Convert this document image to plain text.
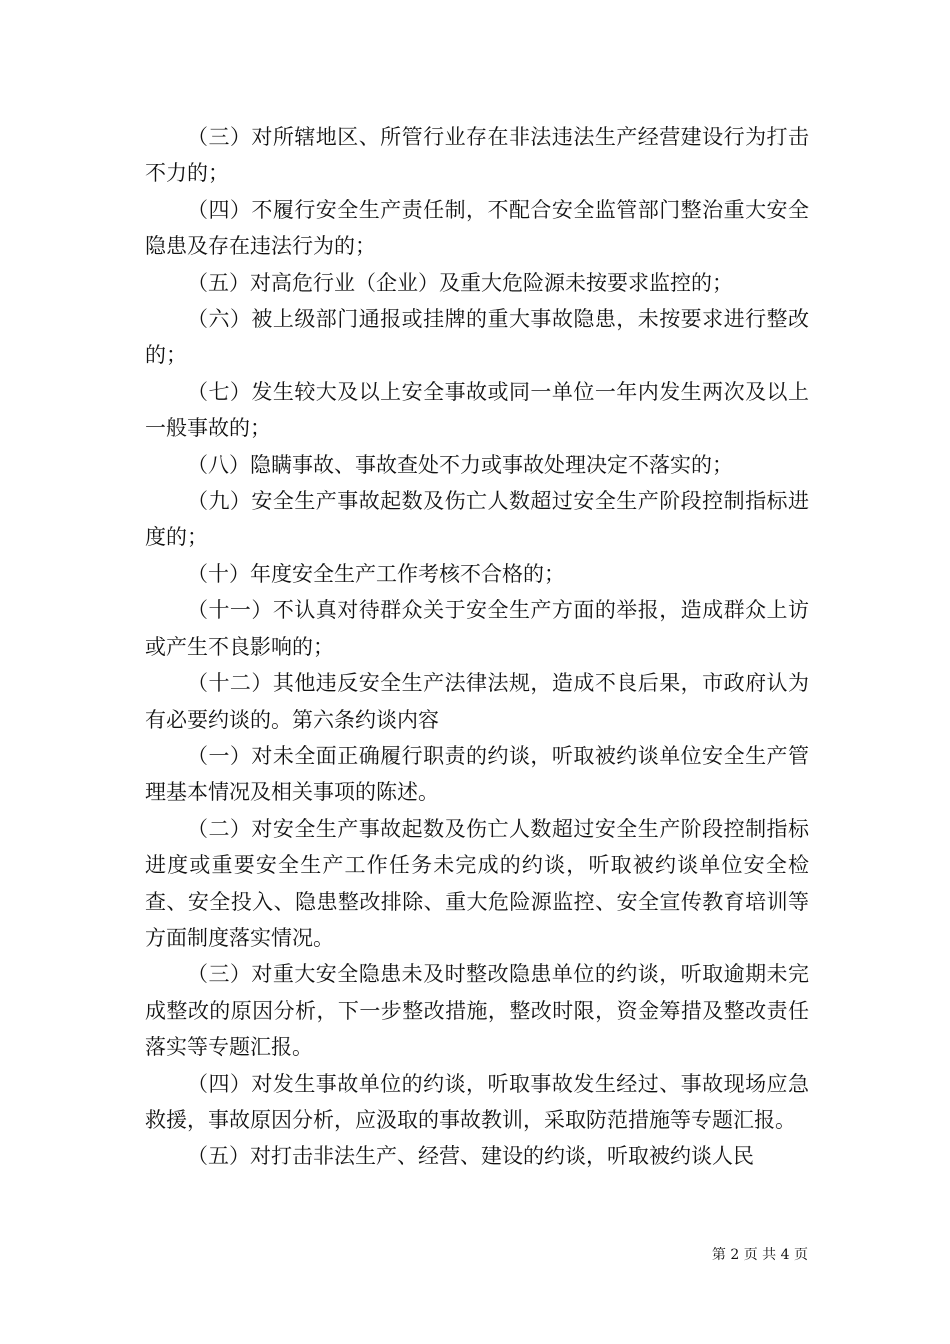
（三）对所辖地区、所管行业存在非法违法生产经营建设行为打击不力的；

（四）不履行安全生产责任制，不配合安全监管部门整治重大安全隐患及存在违法行为的；

（五）对高危行业（企业）及重大危险源未按要求监控的；

（六）被上级部门通报或挂牌的重大事故隐患，未按要求进行整改的；

（七）发生较大及以上安全事故或同一单位一年内发生两次及以上一般事故的；

（八）隐瞒事故、事故查处不力或事故处理决定不落实的；

（九）安全生产事故起数及伤亡人数超过安全生产阶段控制指标进度的；

（十）年度安全生产工作考核不合格的；

（十一）不认真对待群众关于安全生产方面的举报，造成群众上访或产生不良影响的；

（十二）其他违反安全生产法律法规，造成不良后果，市政府认为有必要约谈的。第六条约谈内容

（一）对未全面正确履行职责的约谈，听取被约谈单位安全生产管理基本情况及相关事项的陈述。

（二）对安全生产事故起数及伤亡人数超过安全生产阶段控制指标进度或重要安全生产工作任务未完成的约谈，听取被约谈单位安全检查、安全投入、隐患整改排除、重大危险源监控、安全宣传教育培训等方面制度落实情况。

（三）对重大安全隐患未及时整改隐患单位的约谈，听取逾期未完成整改的原因分析，下一步整改措施，整改时限，资金筹措及整改责任落实等专题汇报。

（四）对发生事故单位的约谈，听取事故发生经过、事故现场应急救援，事故原因分析，应汲取的事故教训，采取防范措施等专题汇报。

（五）对打击非法生产、经营、建设的约谈，听取被约谈人民

第 2 页 共 4 页
